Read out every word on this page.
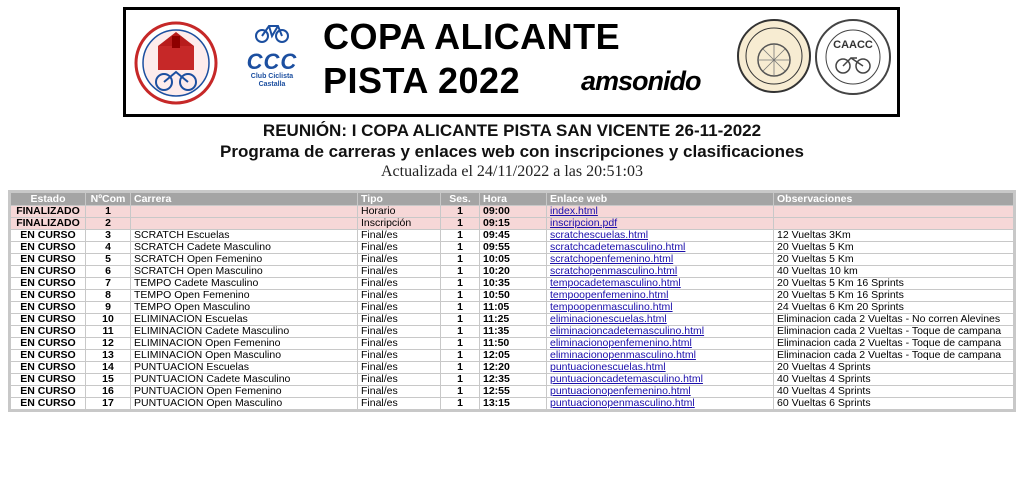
CCC
Club Ciclista
Castalla
COPA ALICANTE
PISTA 2022 amsonido
CAACC
REUNIÓN: I COPA ALICANTE PISTA SAN VICENTE 26-11-2022
Programa de carreras y enlaces web con inscripciones y clasificaciones
Actualizada el 24/11/2022 a las 20:51:03
Estado	NºCom	Carrera	Tipo	Ses.	Hora	Enlace web	Observaciones
FINALIZADO	1		Horario	1	09:00	index.html	
FINALIZADO	2		Inscripción	1	09:15	inscripcion.pdf	
EN CURSO	3	SCRATCH Escuelas	Final/es	1	09:45	scratchescuelas.html	12 Vueltas 3Km
EN CURSO	4	SCRATCH Cadete Masculino	Final/es	1	09:55	scratchcadetemasculino.html	20 Vueltas 5 Km
EN CURSO	5	SCRATCH Open Femenino	Final/es	1	10:05	scratchopenfemenino.html	20 Vueltas 5 Km
EN CURSO	6	SCRATCH Open Masculino	Final/es	1	10:20	scratchopenmasculino.html	40 Vueltas 10 km
EN CURSO	7	TEMPO Cadete Masculino	Final/es	1	10:35	tempocadetemasculino.html	20 Vueltas 5 Km 16 Sprints
EN CURSO	8	TEMPO Open Femenino	Final/es	1	10:50	tempoopenfemenino.html	20 Vueltas 5 Km 16 Sprints
EN CURSO	9	TEMPO Open Masculino	Final/es	1	11:05	tempoopenmasculino.html	24 Vueltas 6 Km 20 Sprints
EN CURSO	10	ELIMINACIÓN Escuelas	Final/es	1	11:25	eliminacionescuelas.html	Eliminacion cada 2 Vueltas - No corren Alevines
EN CURSO	11	ELIMINACIÓN Cadete Masculino	Final/es	1	11:35	eliminacioncadetemasculino.html	Eliminacion cada 2 Vueltas - Toque de campana
EN CURSO	12	ELIMINACIÓN Open Femenino	Final/es	1	11:50	eliminacionopenfemenino.html	Eliminacion cada 2 Vueltas - Toque de campana
EN CURSO	13	ELIMINACIÓN Open Masculino	Final/es	1	12:05	eliminacionopenmasculino.html	Eliminacion cada 2 Vueltas - Toque de campana
EN CURSO	14	PUNTUACIÓN Escuelas	Final/es	1	12:20	puntuacionescuelas.html	20 Vueltas 4 Sprints
EN CURSO	15	PUNTUACIÓN Cadete Masculino	Final/es	1	12:35	puntuacioncadetemasculino.html	40 Vueltas 4 Sprints
EN CURSO	16	PUNTUACIÓN Open Femenino	Final/es	1	12:55	puntuacionopenfemenino.html	40 Vueltas 4 Sprints
EN CURSO	17	PUNTUACIÓN Open Masculino	Final/es	1	13:15	puntuacionopenmasculino.html	60 Vueltas 6 Sprints
